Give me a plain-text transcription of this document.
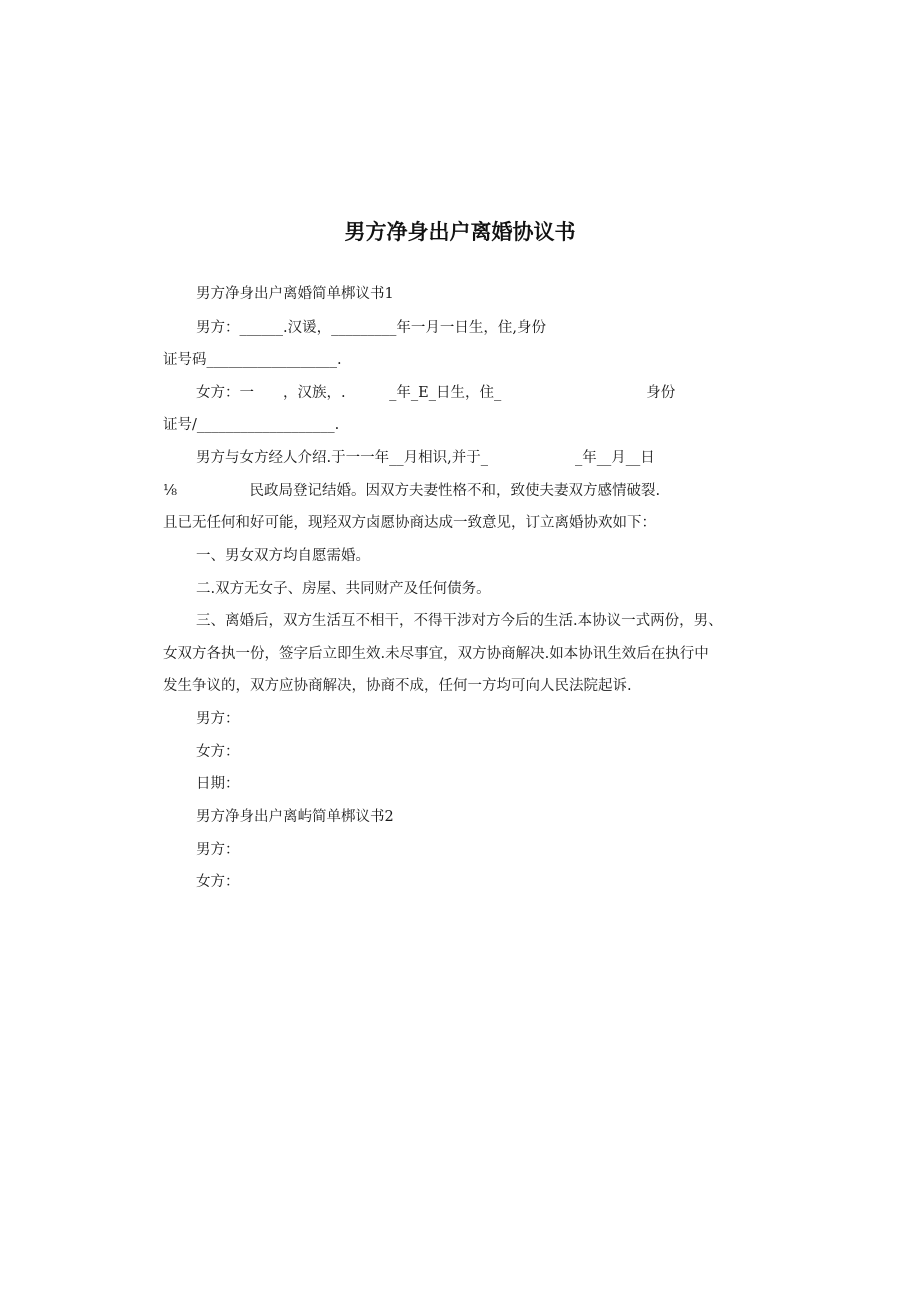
男方净身出户离婚协议书
男方净身出户离婚简单梆议书1
男方：______.汉谖，_________年一月一日生，住,身份
证号码__________________.
女方：一　　，汉族，.　　　_年_E_日生，住_　　　　　　　　　　身份
证号/___________________.
男方与女方经人介绍.于一一年__月相识,并于_　　　　　　_年__月__日
⅛　　　　　民政局登记结婚。因双方夫妻性格不和，致使夫妻双方感情破裂.
且已无任何和好可能，现羟双方卤愿协商达成一致意见，订立离婚协欢如下：
一、男女双方均自愿需婚。
二.双方无女子、房屋、共同财产及任何债务。
三、离婚后，双方生活互不相干，不得干涉对方今后的生活.本协议一式两份，男、
女双方各执一份，签字后立即生效.未尽事宜，双方协商解决.如本协讯生效后在执行中
发生争议的，双方应协商解决，协商不成，任何一方均可向人民法院起诉.
男方：
女方：
日期：
男方净身出户离屿简单梆议书2
男方：
女方：
